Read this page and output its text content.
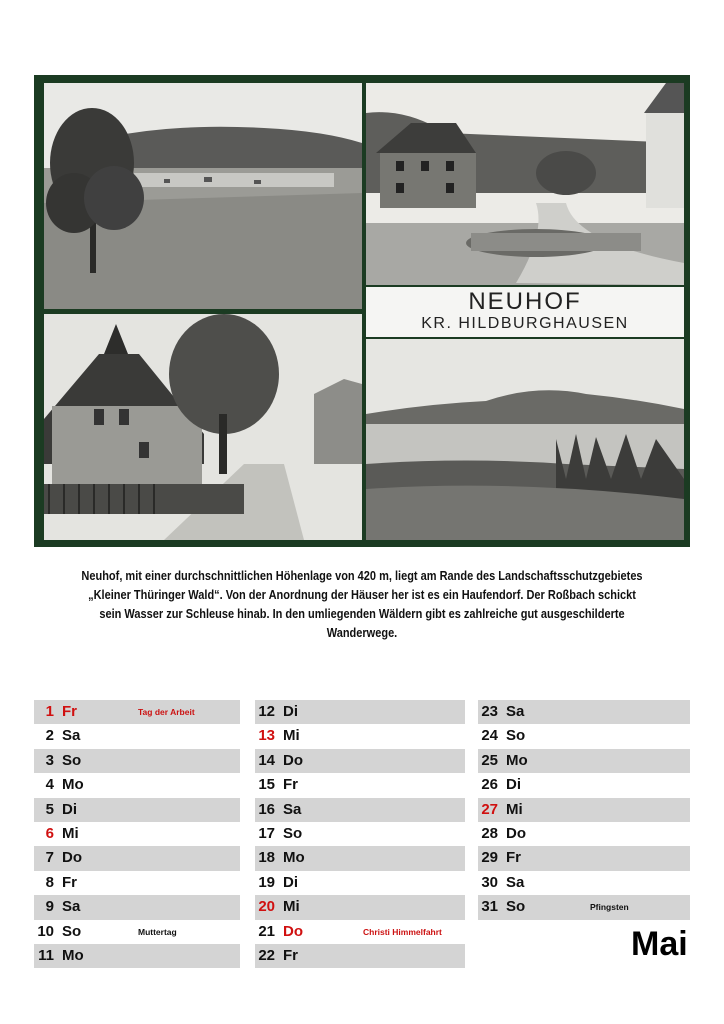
NEUHOF
KR. HILDBURGHAUSEN
Neuhof, mit einer durchschnittlichen Höhenlage von 420 m, liegt am Rande des Landschaftsschutzgebietes „Kleiner Thüringer Wald“. Von der Anordnung der Häuser her ist es ein Haufendorf. Der Roßbach schickt sein Wasser zur Schleuse hinab. In den umliegenden Wäldern gibt es zahlreiche gut ausgeschilderte Wanderwege.
1 Fr	Tag der Arbeit
2 Sa
3 So
4 Mo
5 Di
6 Mi
7 Do
8 Fr
9 Sa
10 So	Muttertag
11 Mo
12 Di
13 Mi
14 Do
15 Fr
16 Sa
17 So
18 Mo
19 Di
20 Mi
21 Do	Christi Himmelfahrt
22 Fr
23 Sa
24 So
25 Mo
26 Di
27 Mi
28 Do
29 Fr
30 Sa
31 So	Pfingsten
Mai
